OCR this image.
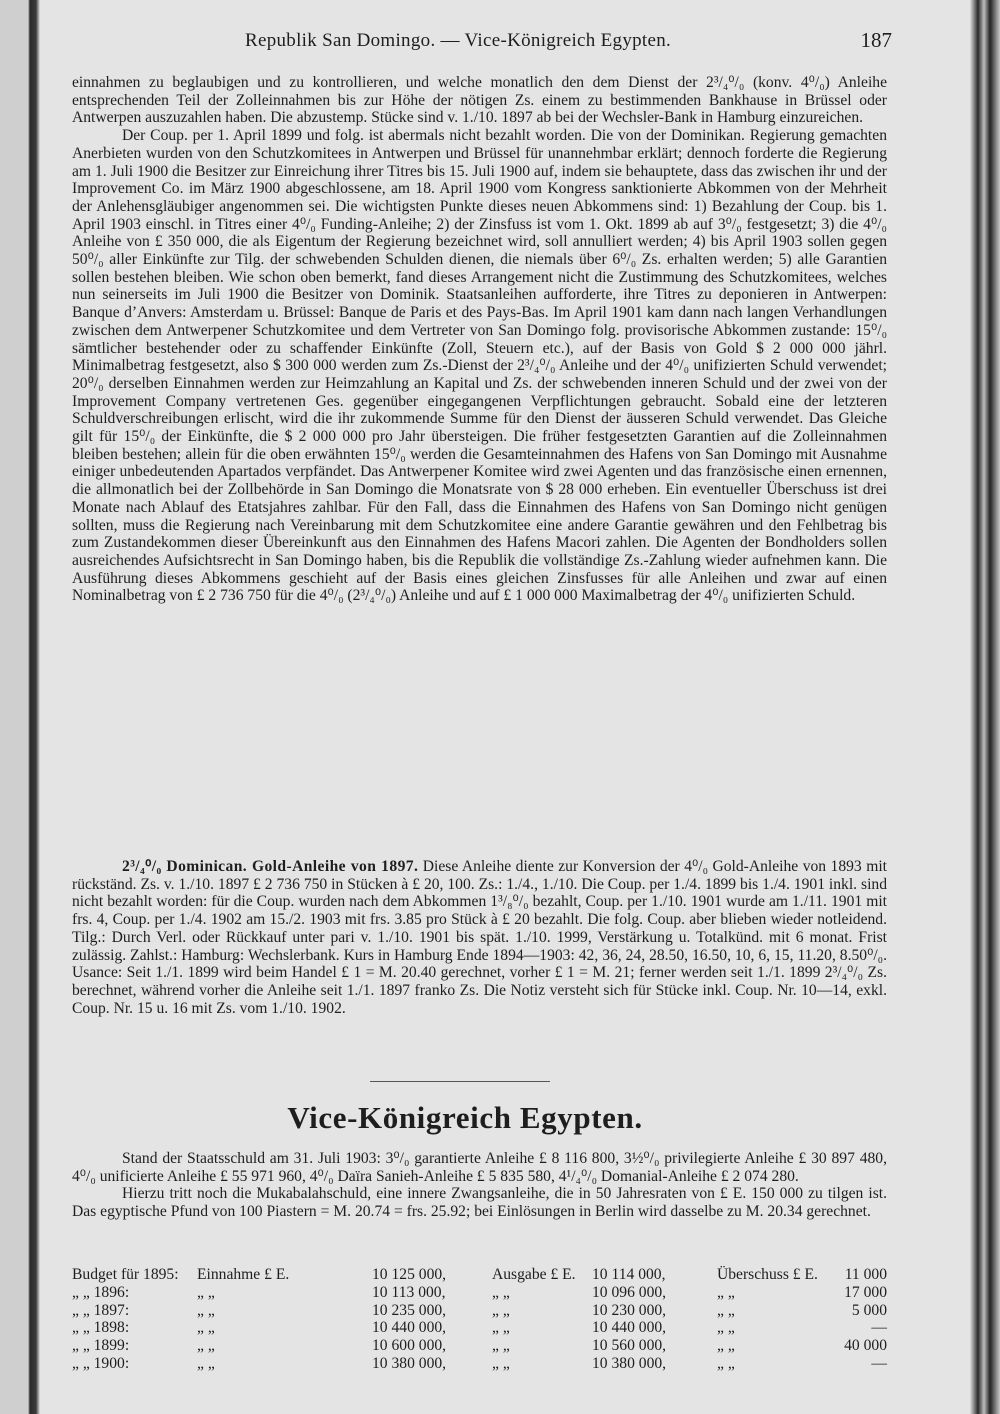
Republik San Domingo. — Vice-Königreich Egypten.	187

einnahmen zu beglaubigen und zu kontrollieren, und welche monatlich den dem Dienst der 2³/₄⁰/₀ (konv. 4⁰/₀) Anleihe entsprechenden Teil der Zolleinnahmen bis zur Höhe der nötigen Zs. einem zu bestimmenden Bankhause in Brüssel oder Antwerpen auszuzahlen haben. Die abzustemp. Stücke sind v. 1./10. 1897 ab bei der Wechsler-Bank in Hamburg einzureichen.

Der Coup. per 1. April 1899 und folg. ist abermals nicht bezahlt worden. Die von der Dominikan. Regierung gemachten Anerbieten wurden von den Schutzkomitees in Antwerpen und Brüssel für unannehmbar erklärt; dennoch forderte die Regierung am 1. Juli 1900 die Besitzer zur Einreichung ihrer Titres bis 15. Juli 1900 auf, indem sie behauptete, dass das zwischen ihr und der Improvement Co. im März 1900 abgeschlossene, am 18. April 1900 vom Kongress sanktionierte Abkommen von der Mehrheit der Anlehensgläubiger angenommen sei. Die wichtigsten Punkte dieses neuen Abkommens sind: 1) Bezahlung der Coup. bis 1. April 1903 einschl. in Titres einer 4⁰/₀ Funding-Anleihe; 2) der Zinsfuss ist vom 1. Okt. 1899 ab auf 3⁰/₀ festgesetzt; 3) die 4⁰/₀ Anleihe von £ 350 000, die als Eigentum der Regierung bezeichnet wird, soll annulliert werden; 4) bis April 1903 sollen gegen 50⁰/₀ aller Einkünfte zur Tilg. der schwebenden Schulden dienen, die niemals über 6⁰/₀ Zs. erhalten werden; 5) alle Garantien sollen bestehen bleiben. Wie schon oben bemerkt, fand dieses Arrangement nicht die Zustimmung des Schutzkomitees, welches nun seinerseits im Juli 1900 die Besitzer von Dominik. Staatsanleihen aufforderte, ihre Titres zu deponieren in Antwerpen: Banque d’Anvers: Amsterdam u. Brüssel: Banque de Paris et des Pays-Bas. Im April 1901 kam dann nach langen Verhandlungen zwischen dem Antwerpener Schutzkomitee und dem Vertreter von San Domingo folg. provisorische Abkommen zustande: 15⁰/₀ sämtlicher bestehender oder zu schaffender Einkünfte (Zoll, Steuern etc.), auf der Basis von Gold $ 2 000 000 jährl. Minimalbetrag festgesetzt, also $ 300 000 werden zum Zs.-Dienst der 2³/₄⁰/₀ Anleihe und der 4⁰/₀ unifizierten Schuld verwendet; 20⁰/₀ derselben Einnahmen werden zur Heimzahlung an Kapital und Zs. der schwebenden inneren Schuld und der zwei von der Improvement Company vertretenen Ges. gegenüber eingegangenen Verpflichtungen gebraucht. Sobald eine der letzteren Schuldverschreibungen erlischt, wird die ihr zukommende Summe für den Dienst der äusseren Schuld verwendet. Das Gleiche gilt für 15⁰/₀ der Einkünfte, die $ 2 000 000 pro Jahr übersteigen. Die früher festgesetzten Garantien auf die Zolleinnahmen bleiben bestehen; allein für die oben erwähnten 15⁰/₀ werden die Gesamteinnahmen des Hafens von San Domingo mit Ausnahme einiger unbedeutenden Apartados verpfändet. Das Antwerpener Komitee wird zwei Agenten und das französische einen ernennen, die allmonatlich bei der Zollbehörde in San Domingo die Monatsrate von $ 28 000 erheben. Ein eventueller Überschuss ist drei Monate nach Ablauf des Etatsjahres zahlbar. Für den Fall, dass die Einnahmen des Hafens von San Domingo nicht genügen sollten, muss die Regierung nach Vereinbarung mit dem Schutzkomitee eine andere Garantie gewähren und den Fehlbetrag bis zum Zustandekommen dieser Übereinkunft aus den Einnahmen des Hafens Macori zahlen. Die Agenten der Bondholders sollen ausreichendes Aufsichtsrecht in San Domingo haben, bis die Republik die vollständige Zs.-Zahlung wieder aufnehmen kann. Die Ausführung dieses Abkommens geschieht auf der Basis eines gleichen Zinsfusses für alle Anleihen und zwar auf einen Nominalbetrag von £ 2 736 750 für die 4⁰/₀ (2³/₄⁰/₀) Anleihe und auf £ 1 000 000 Maximalbetrag der 4⁰/₀ unifizierten Schuld.

2³/₄⁰/₀ Dominican. Gold-Anleihe von 1897. Diese Anleihe diente zur Konversion der 4⁰/₀ Gold-Anleihe von 1893 mit rückständ. Zs. v. 1./10. 1897 £ 2 736 750 in Stücken à £ 20, 100. Zs.: 1./4., 1./10. Die Coup. per 1./4. 1899 bis 1./4. 1901 inkl. sind nicht bezahlt worden: für die Coup. wurden nach dem Abkommen 1³/₈⁰/₀ bezahlt, Coup. per 1./10. 1901 wurde am 1./11. 1901 mit frs. 4, Coup. per 1./4. 1902 am 15./2. 1903 mit frs. 3.85 pro Stück à £ 20 bezahlt. Die folg. Coup. aber blieben wieder notleidend. Tilg.: Durch Verl. oder Rückkauf unter pari v. 1./10. 1901 bis spät. 1./10. 1999, Verstärkung u. Totalkünd. mit 6 monat. Frist zulässig. Zahlst.: Hamburg: Wechslerbank. Kurs in Hamburg Ende 1894—1903: 42, 36, 24, 28.50, 16.50, 10, 6, 15, 11.20, 8.50⁰/₀. Usance: Seit 1./1. 1899 wird beim Handel £ 1 = M. 20.40 gerechnet, vorher £ 1 = M. 21; ferner werden seit 1./1. 1899 2³/₄⁰/₀ Zs. berechnet, während vorher die Anleihe seit 1./1. 1897 franko Zs. Die Notiz versteht sich für Stücke inkl. Coup. Nr. 10—14, exkl. Coup. Nr. 15 u. 16 mit Zs. vom 1./10. 1902.

Vice-Königreich Egypten.

Stand der Staatsschuld am 31. Juli 1903: 3⁰/₀ garantierte Anleihe £ 8 116 800, 3½⁰/₀ privilegierte Anleihe £ 30 897 480, 4⁰/₀ unificierte Anleihe £ 55 971 960, 4⁰/₀ Daïra Sanieh-Anleihe £ 5 835 580, 4¹/₄⁰/₀ Domanial-Anleihe £ 2 074 280.

Hierzu tritt noch die Mukabalahschuld, eine innere Zwangsanleihe, die in 50 Jahresraten von £ E. 150 000 zu tilgen ist. Das egyptische Pfund von 100 Piastern = M. 20.74 = frs. 25.92; bei Einlösungen in Berlin wird dasselbe zu M. 20.34 gerechnet.

Budget für 1895: Einnahme £ E.	10 125 000,	Ausgabe £ E. 10 114 000,	Überschuss £ E.	11 000
„ „ 1896:	„ „	10 113 000,	„ „	10 096 000,	„ „	17 000
„ „ 1897:	„ „	10 235 000,	„ „	10 230 000,	„ „	5 000
„ „ 1898:	„ „	10 440 000,	„ „	10 440 000,	„ „	—
„ „ 1899:	„ „	10 600 000,	„ „	10 560 000,	„ „	40 000
„ „ 1900:	„ „	10 380 000,	„ „	10 380 000,	„ „	—
